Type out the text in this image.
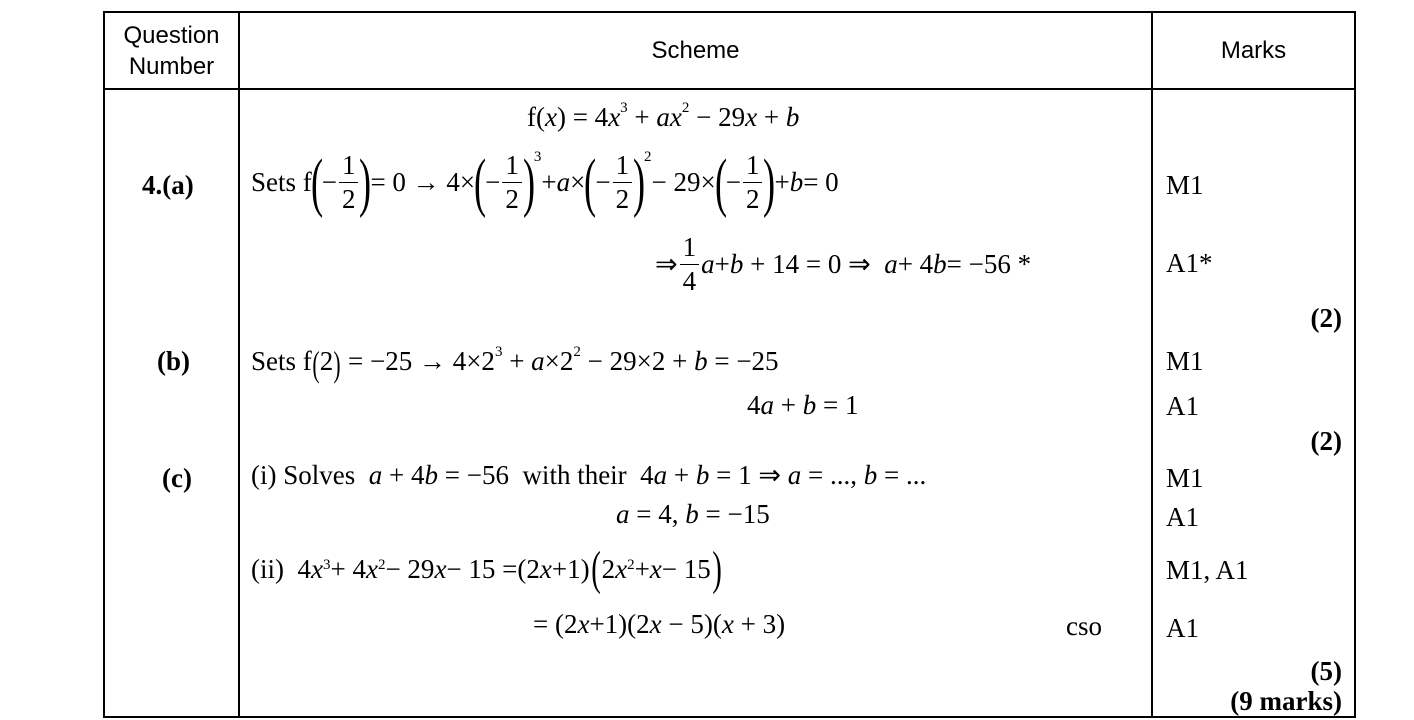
Question
Number
Scheme	Marks
4.(a)
(b)
(c)
$f(x) = 4x^3 + ax^2 - 29x + b$
Sets f
(
− $\frac{1}{2}$ )
= 0 → 4×
(
− $\frac{1}{2}$ )
$^3$
+ a ×
(
− $\frac{1}{2}$ )
$^2$
− 29×
(
− $\frac{1}{2}$ )
+ b = 0
⇒ $\frac{1}{4}$ a + b + 14 = 0 ⇒ a + 4 b = −56 *
Sets $f(2) = -25 \to 4\times 2^3 + a\times 2^2 - 29\times 2 + b = -25$
4a + b = 1
(i) Solves  a + 4b = −56  with their  4a + b = 1 ⇒ a = ..., b = ...
a = 4, b = −15
(ii)  4 $x^3 + 4$ $x^2 - 29$ x − 15 = (2 x +1) ( 2 $x^2 + x - 15$ )
= (2x+1)(2x − 5)(x + 3)	cso
M1
A1*
(2)
M1
A1
(2)
M1
A1
M1, A1
A1
(5)
(9 marks)
